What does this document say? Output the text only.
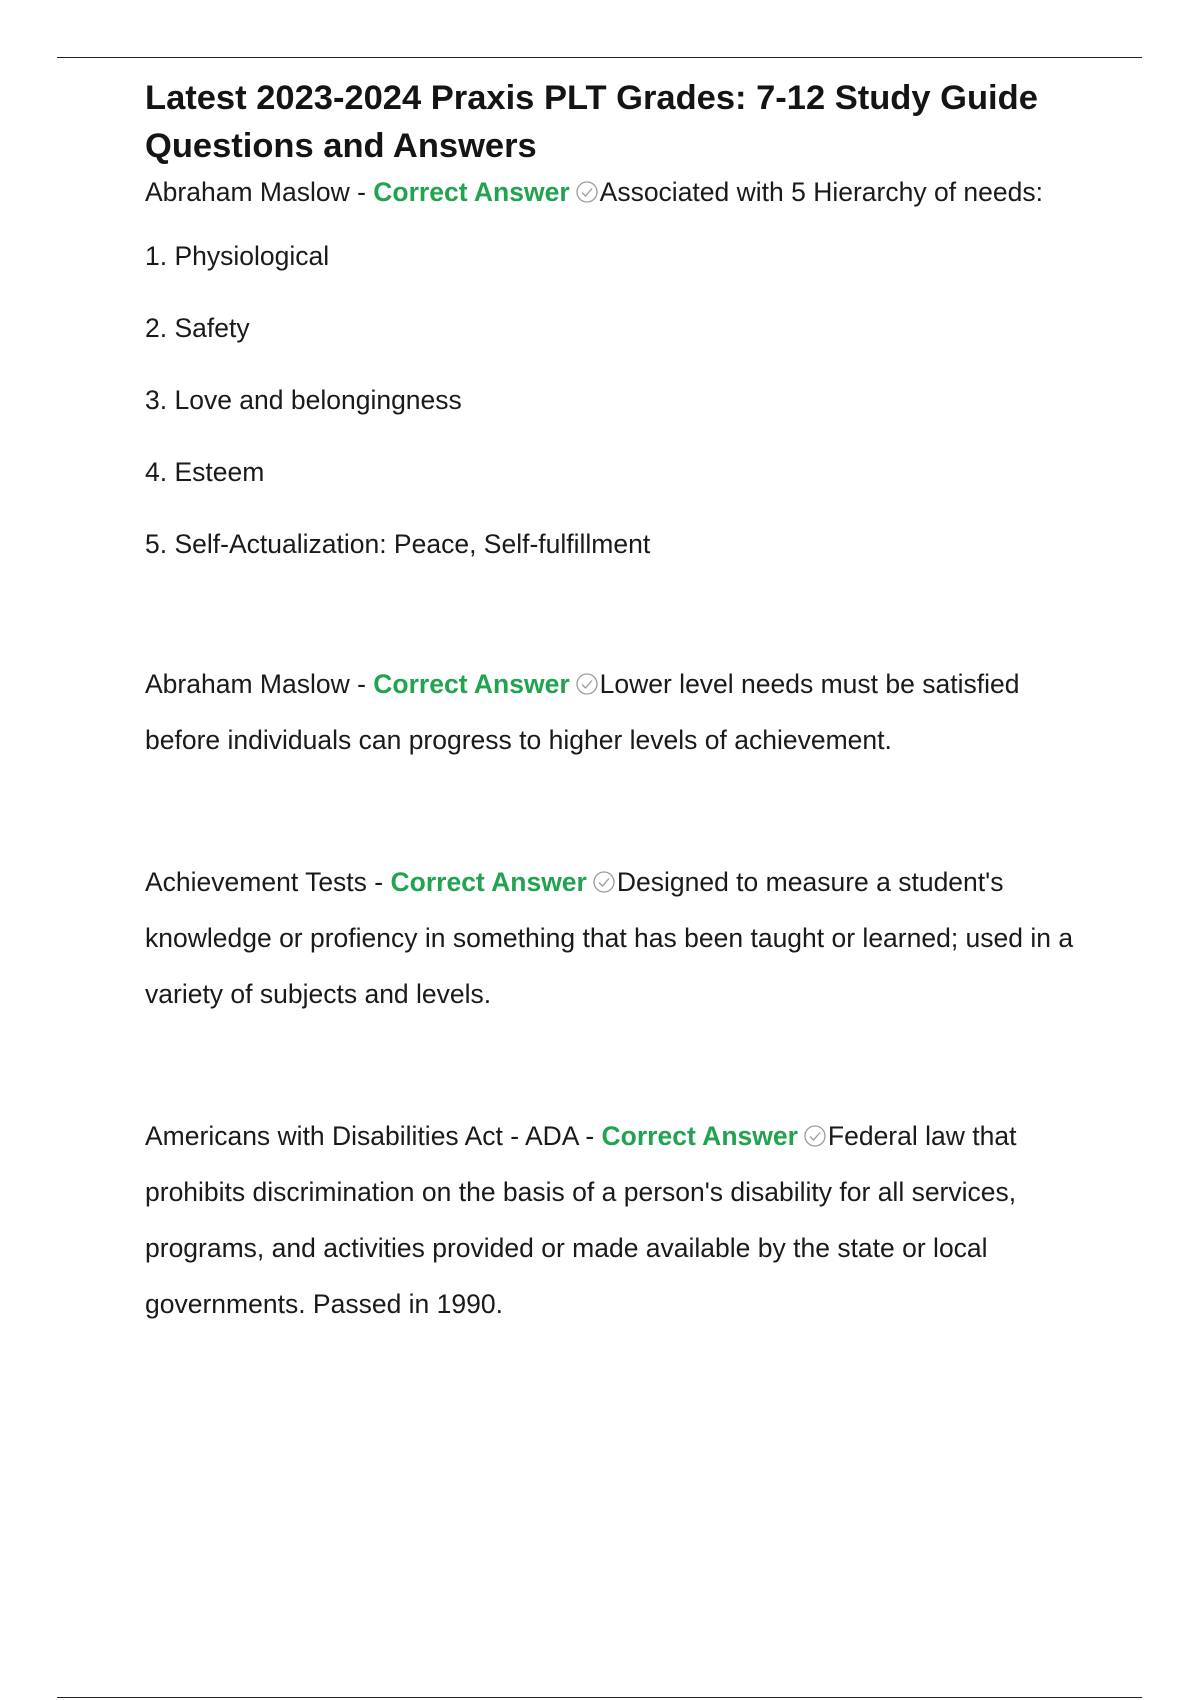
Latest 2023-2024 Praxis PLT Grades: 7-12 Study Guide Questions and Answers

Abraham Maslow - Correct Answer Associated with 5 Hierarchy of needs:

1. Physiological

2. Safety

3. Love and belongingness

4. Esteem

5. Self-Actualization: Peace, Self-fulfillment

Abraham Maslow - Correct Answer Lower level needs must be satisfied before individuals can progress to higher levels of achievement.

Achievement Tests - Correct Answer Designed to measure a student's knowledge or profiency in something that has been taught or learned; used in a variety of subjects and levels.

Americans with Disabilities Act - ADA - Correct Answer Federal law that prohibits discrimination on the basis of a person's disability for all services, programs, and activities provided or made available by the state or local governments. Passed in 1990.
